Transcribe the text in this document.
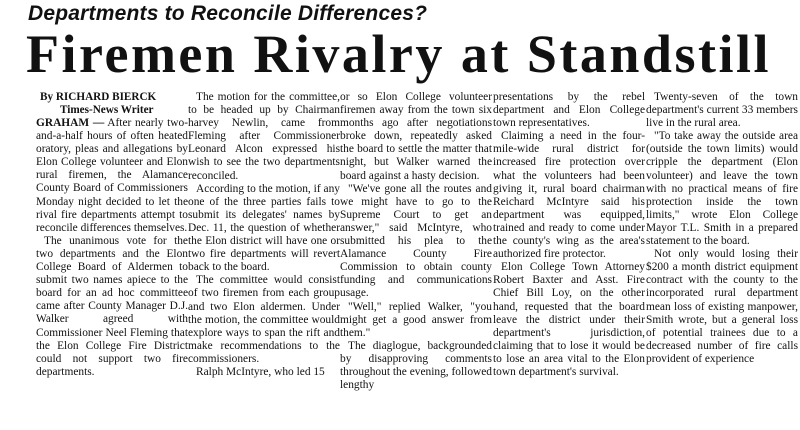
Departments to Reconcile Differences?
Firemen Rivalry at Standstill
By RICHARD BIERCK
Times-News Writer

GRAHAM — After nearly two-and-a-half hours of often heated oratory, pleas and allegations by Elon College volunteer and Elon rural firemen, the Alamance County Board of Commissioners Monday night decided to let the rival fire departments attempt to reconcile differences themselves.

The unanimous vote for the two departments and the Elon College Board of Aldermen to submit two names apiece to the board for an ad hoc committee came after County Manager D.J. Walker agreed with Commissioner Neel Fleming that the Elon College Fire District could not support two fire departments.

The motion for the committee, to be headed up by Chairman harvey Newlin, came from Fleming after Commissioner Leonard Alcon expressed his wish to see the two departments reconciled.

According to the motion, if any one of the three parties fails to submit its delegates' names by Dec. 11, the question of whether the Elon district will have one or two fire departments will revert back to the board.

The committee would consist of two firemen from each group and two Elon aldermen. Under the motion, the committee would explore ways to span the rift and make recommendations to the commissioners.

Ralph McIntyre, who led 15

or so Elon College volunteer firemen away from the town six months ago after negotiations broke down, repeatedly asked the board to settle the matter that night, but Walker warned the board against a hasty decision.

"We've gone all the routes and we might have to go to the Supreme Court to get an answer," said McIntyre, who submitted his plea to the Alamance County Fire Commission to obtain county funding and communications usage.

"Well," replied Walker, "you might get a good answer from them."

The diaglogue, backgrounded by disapproving comments throughout the evening, followed lengthy

presentations by the rebel department and Elon College town representatives.

Claiming a need in the four-mile-wide rural district for increased fire protection over what the volunteers had been giving it, rural board chairman Reichard McIntyre said his department was equipped, trained and ready to come under the county's wing as the area's authorized fire protector.

Elon College Town Attorney Robert Baxter and Asst. Fire Chief Bill Loy, on the other hand, requested that the board leave the district under their department's jurisdiction, claiming that to lose it would be to lose an area vital to the Elon town department's survival.

Twenty-seven of the town department's current 33 members live in the rural area.

"To take away the outside area (outside the town limits) would cripple the department (Elon volunteer) and leave the town with no practical means of fire protection inside the town limits," wrote Elon College Mayor T.L. Smith in a prepared statement to the board.

Not only would losing their $200 a month district equipment contract with the county to the incorporated rural department mean loss of existing manpower, Smith wrote, but a general loss of potential trainees due to a decreased number of fire calls provident of experience
